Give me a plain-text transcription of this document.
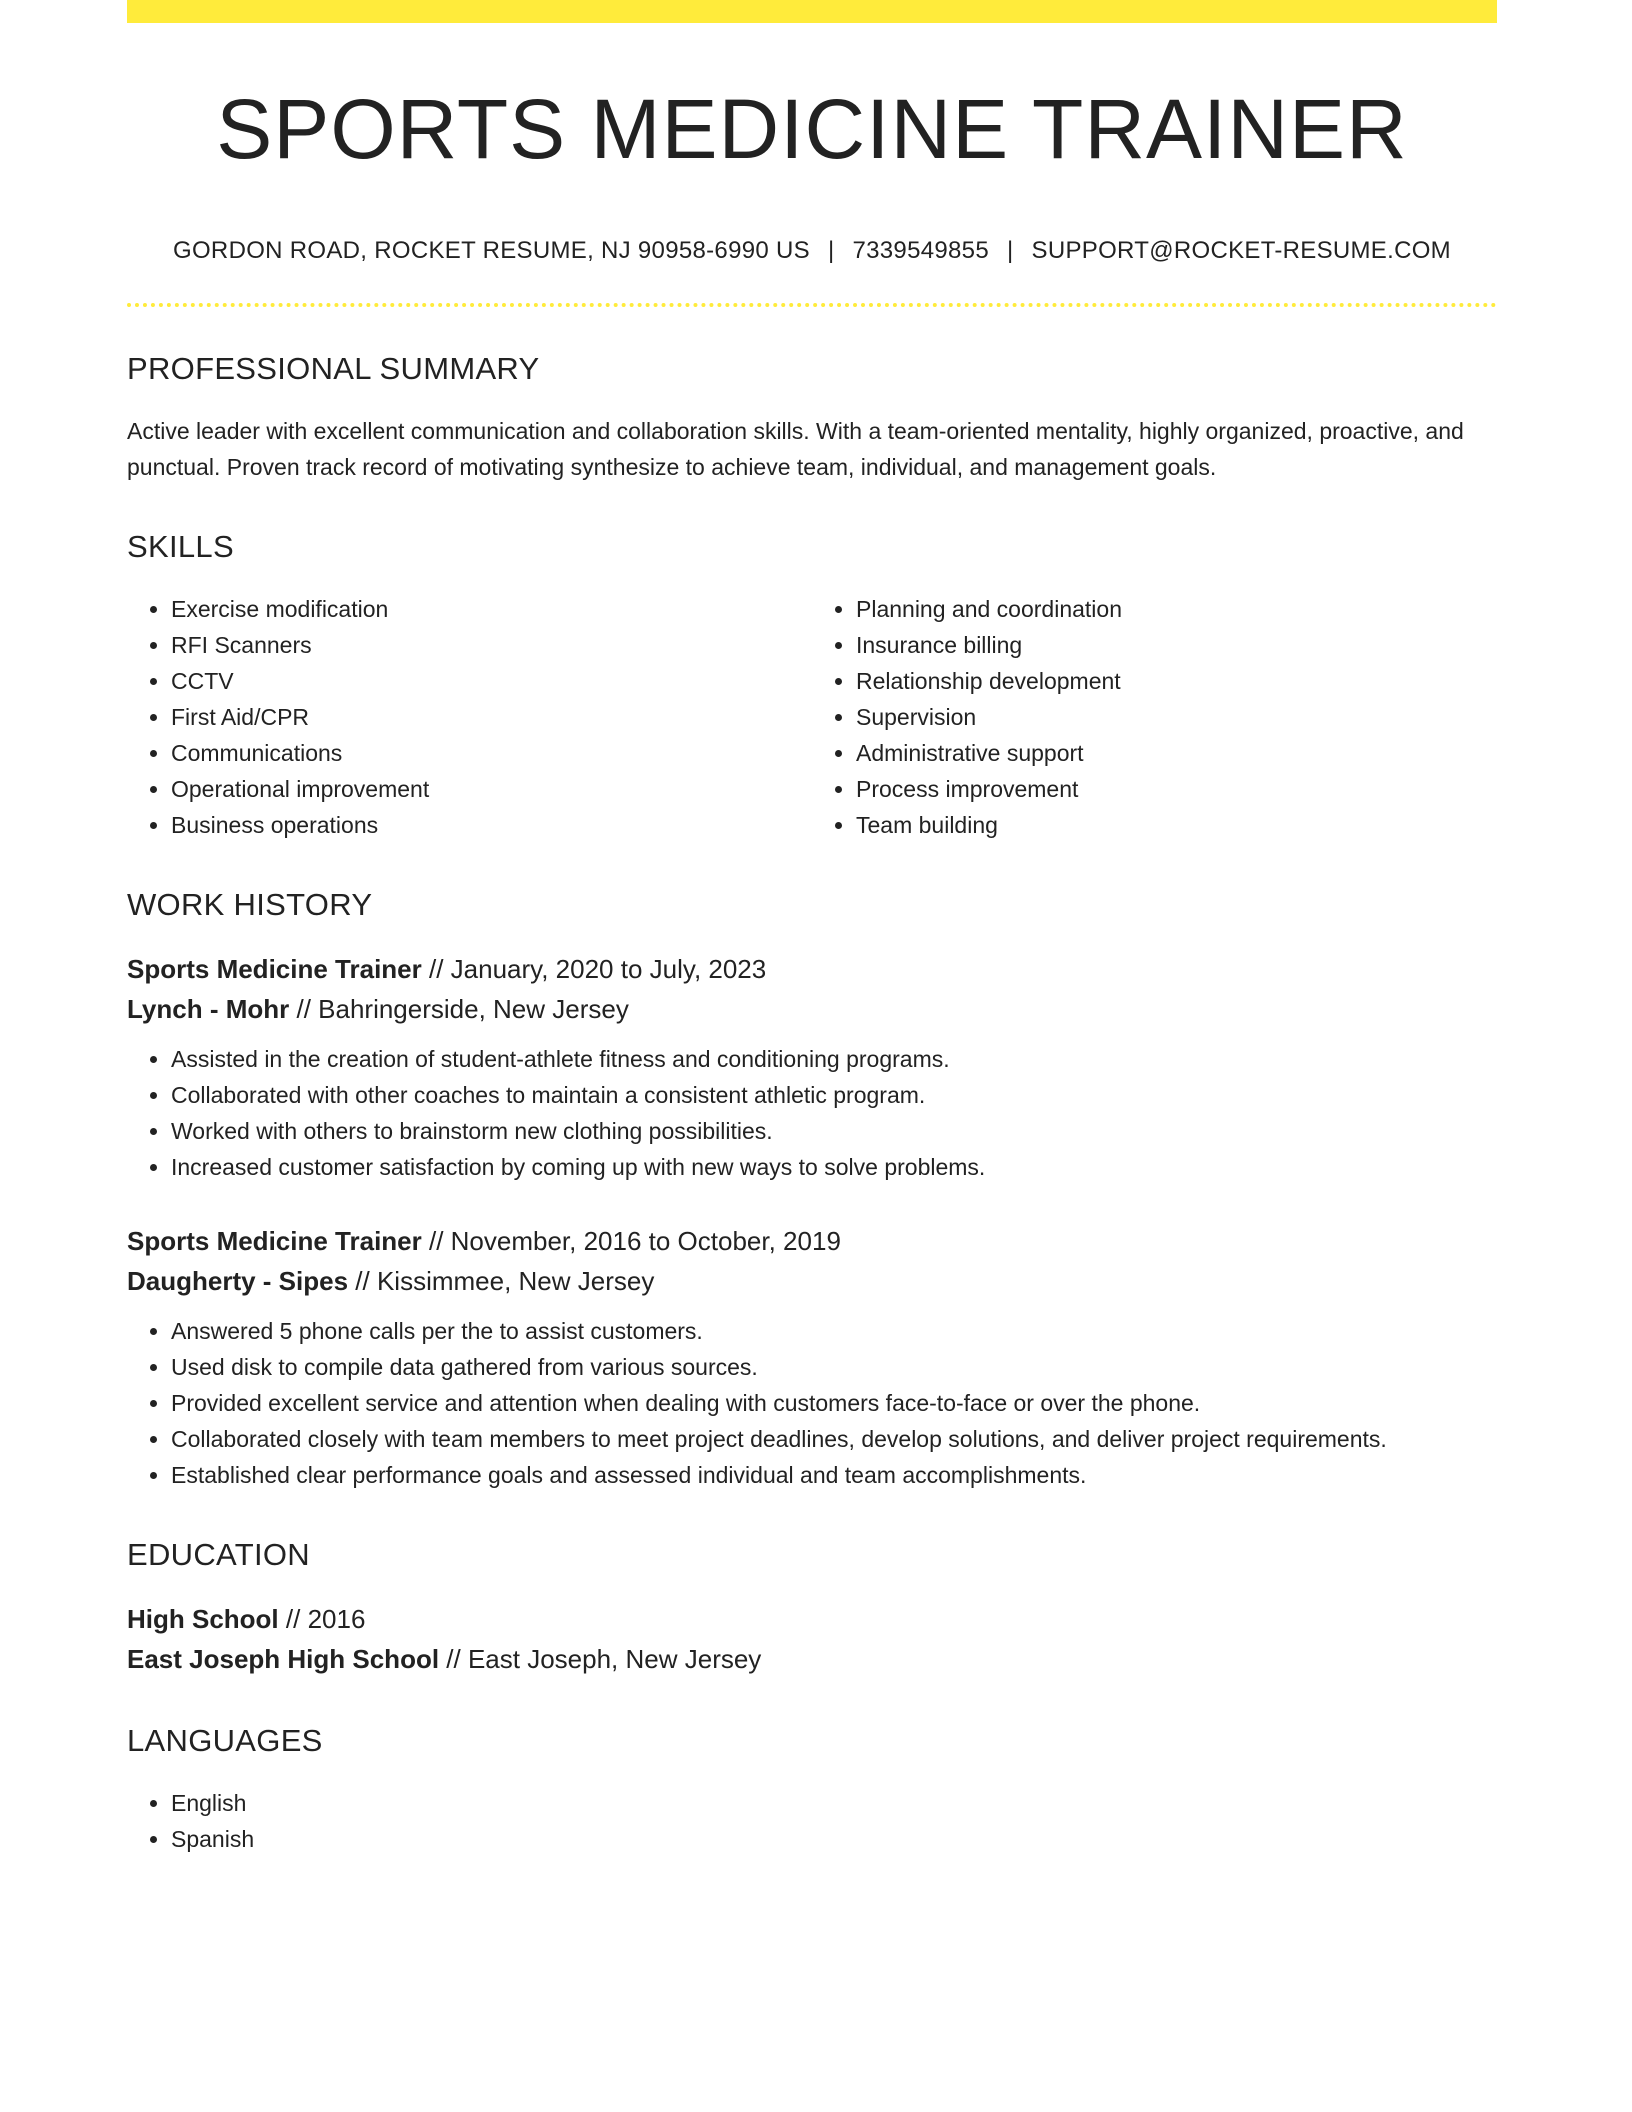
SPORTS MEDICINE TRAINER
GORDON ROAD, ROCKET RESUME, NJ 90958-6990 US | 7339549855 | SUPPORT@ROCKET-RESUME.COM
PROFESSIONAL SUMMARY
Active leader with excellent communication and collaboration skills. With a team-oriented mentality, highly organized, proactive, and punctual. Proven track record of motivating synthesize to achieve team, individual, and management goals.
SKILLS
• Exercise modification
• RFI Scanners
• CCTV
• First Aid/CPR
• Communications
• Operational improvement
• Business operations
• Planning and coordination
• Insurance billing
• Relationship development
• Supervision
• Administrative support
• Process improvement
• Team building
WORK HISTORY
Sports Medicine Trainer // January, 2020 to July, 2023
Lynch - Mohr // Bahringerside, New Jersey
• Assisted in the creation of student-athlete fitness and conditioning programs.
• Collaborated with other coaches to maintain a consistent athletic program.
• Worked with others to brainstorm new clothing possibilities.
• Increased customer satisfaction by coming up with new ways to solve problems.
Sports Medicine Trainer // November, 2016 to October, 2019
Daugherty - Sipes // Kissimmee, New Jersey
• Answered 5 phone calls per the to assist customers.
• Used disk to compile data gathered from various sources.
• Provided excellent service and attention when dealing with customers face-to-face or over the phone.
• Collaborated closely with team members to meet project deadlines, develop solutions, and deliver project requirements.
• Established clear performance goals and assessed individual and team accomplishments.
EDUCATION
High School // 2016
East Joseph High School // East Joseph, New Jersey
LANGUAGES
• English
• Spanish
